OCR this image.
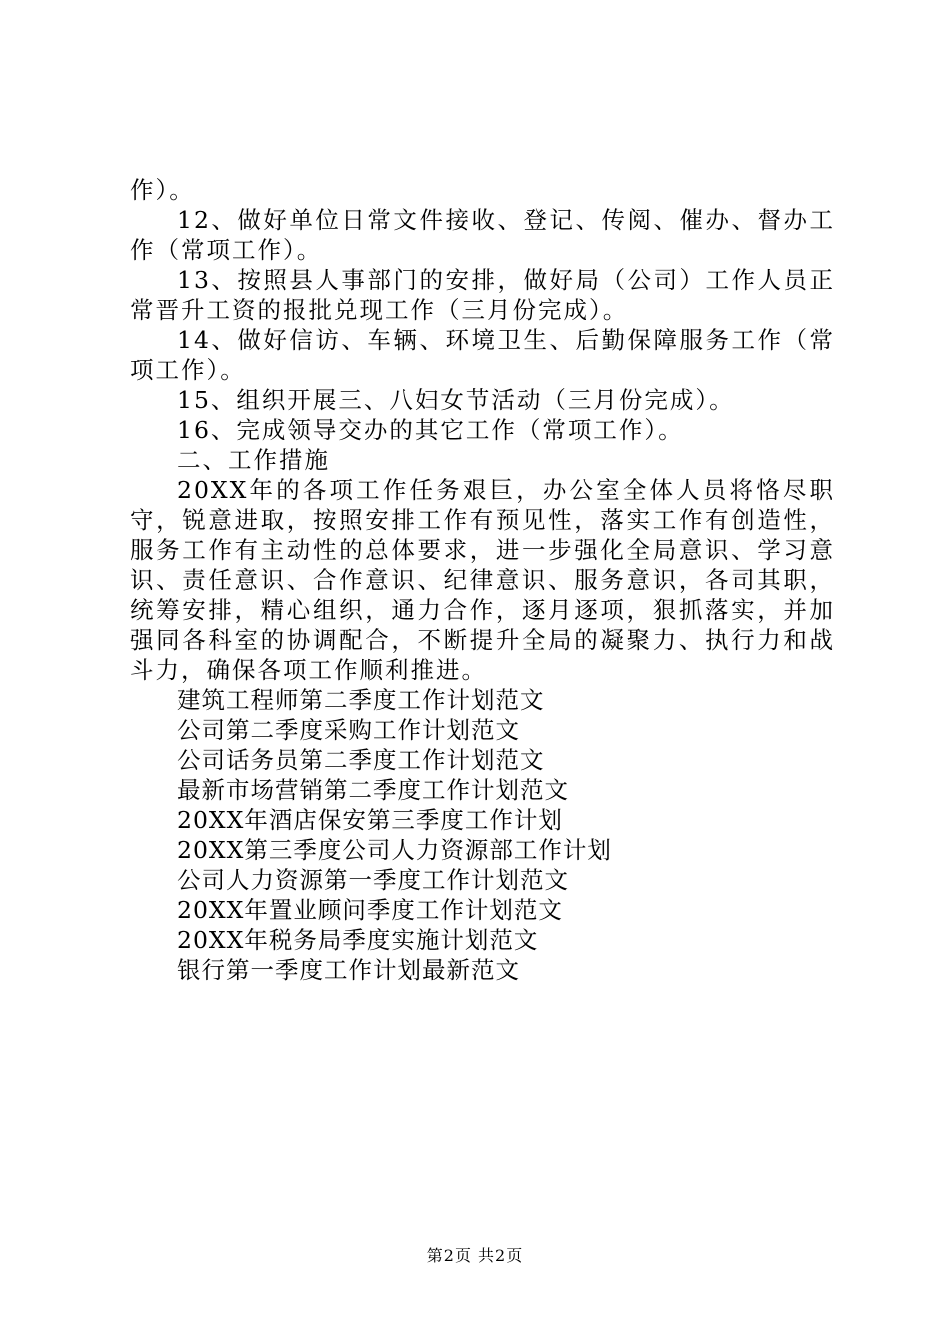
作）。

12、做好单位日常文件接收、登记、传阅、催办、督办工作（常项工作）。

13、按照县人事部门的安排，做好局（公司）工作人员正常晋升工资的报批兑现工作（三月份完成）。

14、做好信访、车辆、环境卫生、后勤保障服务工作（常项工作）。

15、组织开展三、八妇女节活动（三月份完成）。

16、完成领导交办的其它工作（常项工作）。

二、工作措施

20XX年的各项工作任务艰巨，办公室全体人员将恪尽职守，锐意进取，按照安排工作有预见性，落实工作有创造性，服务工作有主动性的总体要求，进一步强化全局意识、学习意识、责任意识、合作意识、纪律意识、服务意识，各司其职，统筹安排，精心组织，通力合作，逐月逐项，狠抓落实，并加强同各科室的协调配合，不断提升全局的凝聚力、执行力和战斗力，确保各项工作顺利推进。

建筑工程师第二季度工作计划范文

公司第二季度采购工作计划范文

公司话务员第二季度工作计划范文

最新市场营销第二季度工作计划范文

20XX年酒店保安第三季度工作计划

20XX第三季度公司人力资源部工作计划

公司人力资源第一季度工作计划范文

20XX年置业顾问季度工作计划范文

20XX年税务局季度实施计划范文

银行第一季度工作计划最新范文

第2页 共2页
